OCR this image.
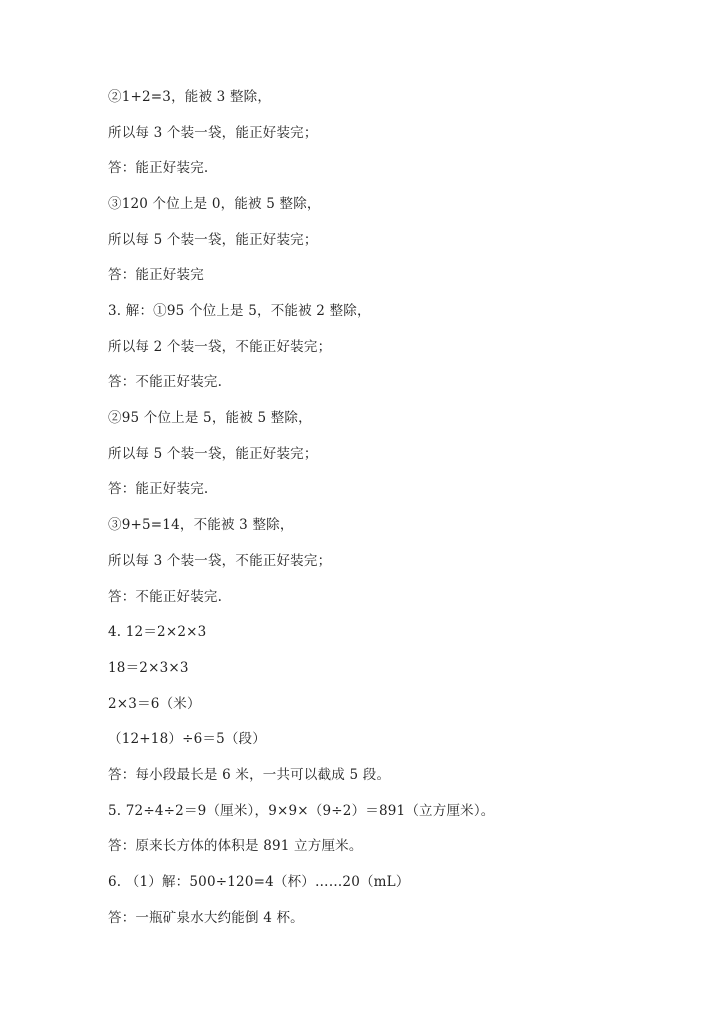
②1+2=3，能被 3 整除，
所以每 3 个装一袋，能正好装完；
答：能正好装完.
③120 个位上是 0，能被 5 整除，
所以每 5 个装一袋，能正好装完；
答：能正好装完
3. 解：①95 个位上是 5，不能被 2 整除，
所以每 2 个装一袋，不能正好装完；
答：不能正好装完.
②95 个位上是 5，能被 5 整除，
所以每 5 个装一袋，能正好装完；
答：能正好装完.
③9+5=14，不能被 3 整除，
所以每 3 个装一袋，不能正好装完；
答：不能正好装完.
4. 12＝2×2×3
18＝2×3×3
2×3＝6（米）
（12+18）÷6＝5（段）
答：每小段最长是 6 米，一共可以截成 5 段。
5. 72÷4÷2＝9（厘米），9×9×（9÷2）＝891（立方厘米）。
答：原来长方体的体积是 891 立方厘米。
6. （1）解：500÷120=4（杯）……20（mL）
答：一瓶矿泉水大约能倒 4 杯。
